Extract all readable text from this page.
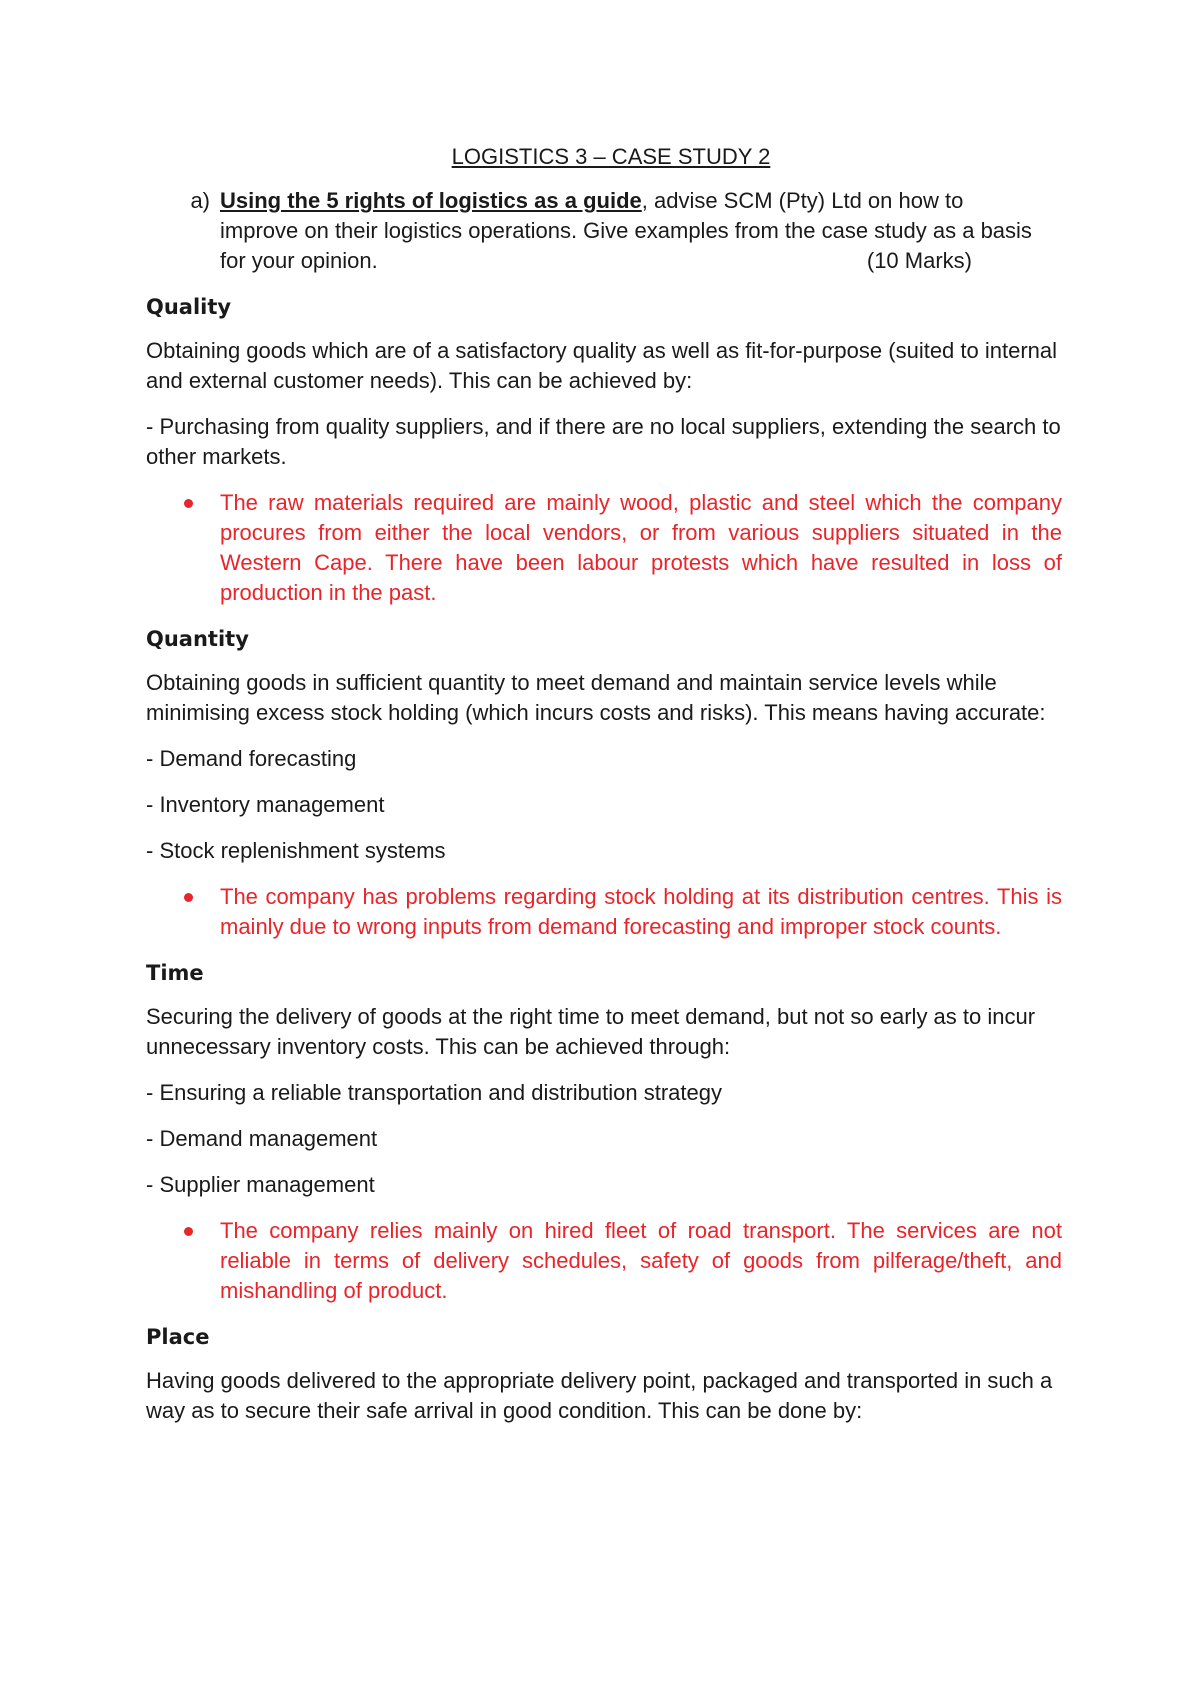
LOGISTICS 3 – CASE STUDY 2
a) Using the 5 rights of logistics as a guide, advise SCM (Pty) Ltd on how to improve on their logistics operations. Give examples from the case study as a basis for your opinion.	(10 Marks)
Quality
Obtaining goods which are of a satisfactory quality as well as fit-for-purpose (suited to internal and external customer needs). This can be achieved by:
- Purchasing from quality suppliers, and if there are no local suppliers, extending the search to other markets.
The raw materials required are mainly wood, plastic and steel which the company procures from either the local vendors, or from various suppliers situated in the Western Cape. There have been labour protests which have resulted in loss of production in the past.
Quantity
Obtaining goods in sufficient quantity to meet demand and maintain service levels while minimising excess stock holding (which incurs costs and risks). This means having accurate:
- Demand forecasting
- Inventory management
- Stock replenishment systems
The company has problems regarding stock holding at its distribution centres. This is mainly due to wrong inputs from demand forecasting and improper stock counts.
Time
Securing the delivery of goods at the right time to meet demand, but not so early as to incur unnecessary inventory costs. This can be achieved through:
- Ensuring a reliable transportation and distribution strategy
- Demand management
- Supplier management
The company relies mainly on hired fleet of road transport. The services are not reliable in terms of delivery schedules, safety of goods from pilferage/theft, and mishandling of product.
Place
Having goods delivered to the appropriate delivery point, packaged and transported in such a way as to secure their safe arrival in good condition. This can be done by:
